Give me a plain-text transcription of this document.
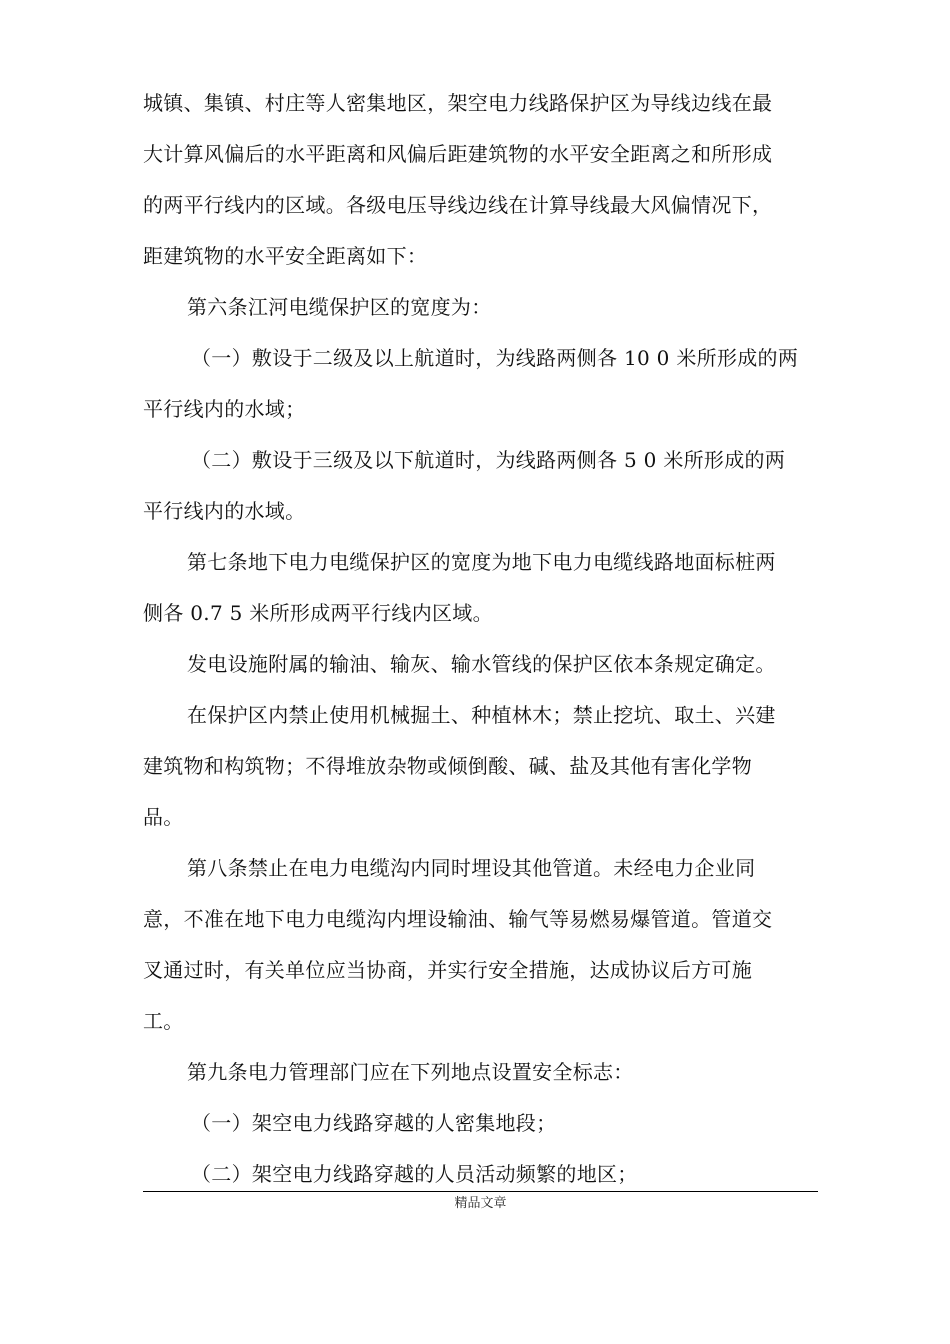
城镇、集镇、村庄等人密集地区，架空电力线路保护区为导线边线在最
大计算风偏后的水平距离和风偏后距建筑物的水平安全距离之和所形成
的两平行线内的区域。各级电压导线边线在计算导线最大风偏情况下，
距建筑物的水平安全距离如下：
第六条江河电缆保护区的宽度为：
（一）敷设于二级及以上航道时，为线路两侧各 10 0 米所形成的两
平行线内的水域；
（二）敷设于三级及以下航道时，为线路两侧各 5 0 米所形成的两
平行线内的水域。
第七条地下电力电缆保护区的宽度为地下电力电缆线路地面标桩两
侧各 0.7 5 米所形成两平行线内区域。
发电设施附属的输油、输灰、输水管线的保护区依本条规定确定。
在保护区内禁止使用机械掘土、种植林木；禁止挖坑、取土、兴建
建筑物和构筑物；不得堆放杂物或倾倒酸、碱、盐及其他有害化学物
品。
第八条禁止在电力电缆沟内同时埋设其他管道。未经电力企业同
意，不准在地下电力电缆沟内埋设输油、输气等易燃易爆管道。管道交
叉通过时，有关单位应当协商，并实行安全措施，达成协议后方可施
工。
第九条电力管理部门应在下列地点设置安全标志：
（一）架空电力线路穿越的人密集地段；
（二）架空电力线路穿越的人员活动频繁的地区；
精品文章
